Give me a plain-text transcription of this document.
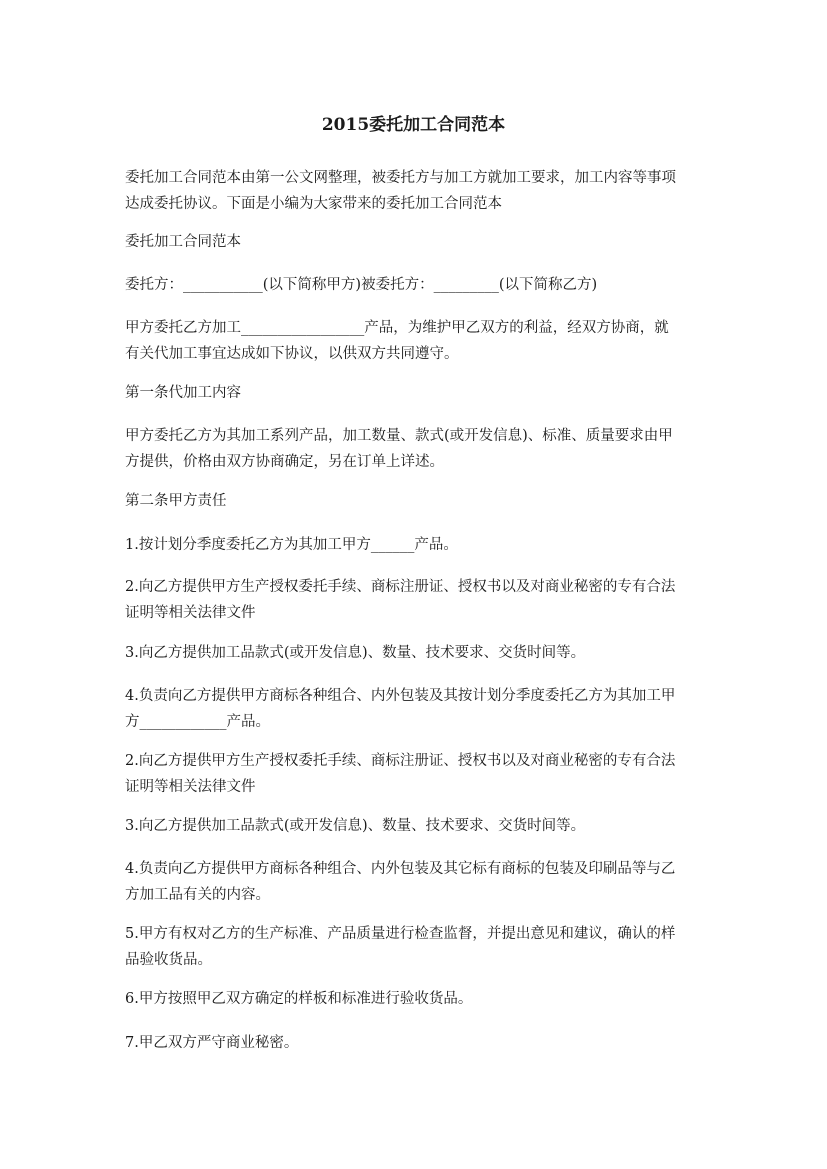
2015委托加工合同范本

委托加工合同范本由第一公文网整理，被委托方与加工方就加工要求，加工内容等事项
达成委托协议。下面是小编为大家带来的委托加工合同范本

委托加工合同范本

委托方：___________(以下简称甲方)被委托方：_________(以下简称乙方)

甲方委托乙方加工_________________产品，为维护甲乙双方的利益，经双方协商，就
有关代加工事宜达成如下协议，以供双方共同遵守。

第一条代加工内容

甲方委托乙方为其加工系列产品，加工数量、款式(或开发信息)、标准、质量要求由甲
方提供，价格由双方协商确定，另在订单上详述。

第二条甲方责任

1.按计划分季度委托乙方为其加工甲方______产品。

2.向乙方提供甲方生产授权委托手续、商标注册证、授权书以及对商业秘密的专有合法
证明等相关法律文件

3.向乙方提供加工品款式(或开发信息)、数量、技术要求、交货时间等。

4.负责向乙方提供甲方商标各种组合、内外包装及其按计划分季度委托乙方为其加工甲
方____________产品。

2.向乙方提供甲方生产授权委托手续、商标注册证、授权书以及对商业秘密的专有合法
证明等相关法律文件

3.向乙方提供加工品款式(或开发信息)、数量、技术要求、交货时间等。

4.负责向乙方提供甲方商标各种组合、内外包装及其它标有商标的包装及印刷品等与乙
方加工品有关的内容。

5.甲方有权对乙方的生产标准、产品质量进行检查监督，并提出意见和建议，确认的样
品验收货品。

6.甲方按照甲乙双方确定的样板和标准进行验收货品。

7.甲乙双方严守商业秘密。
